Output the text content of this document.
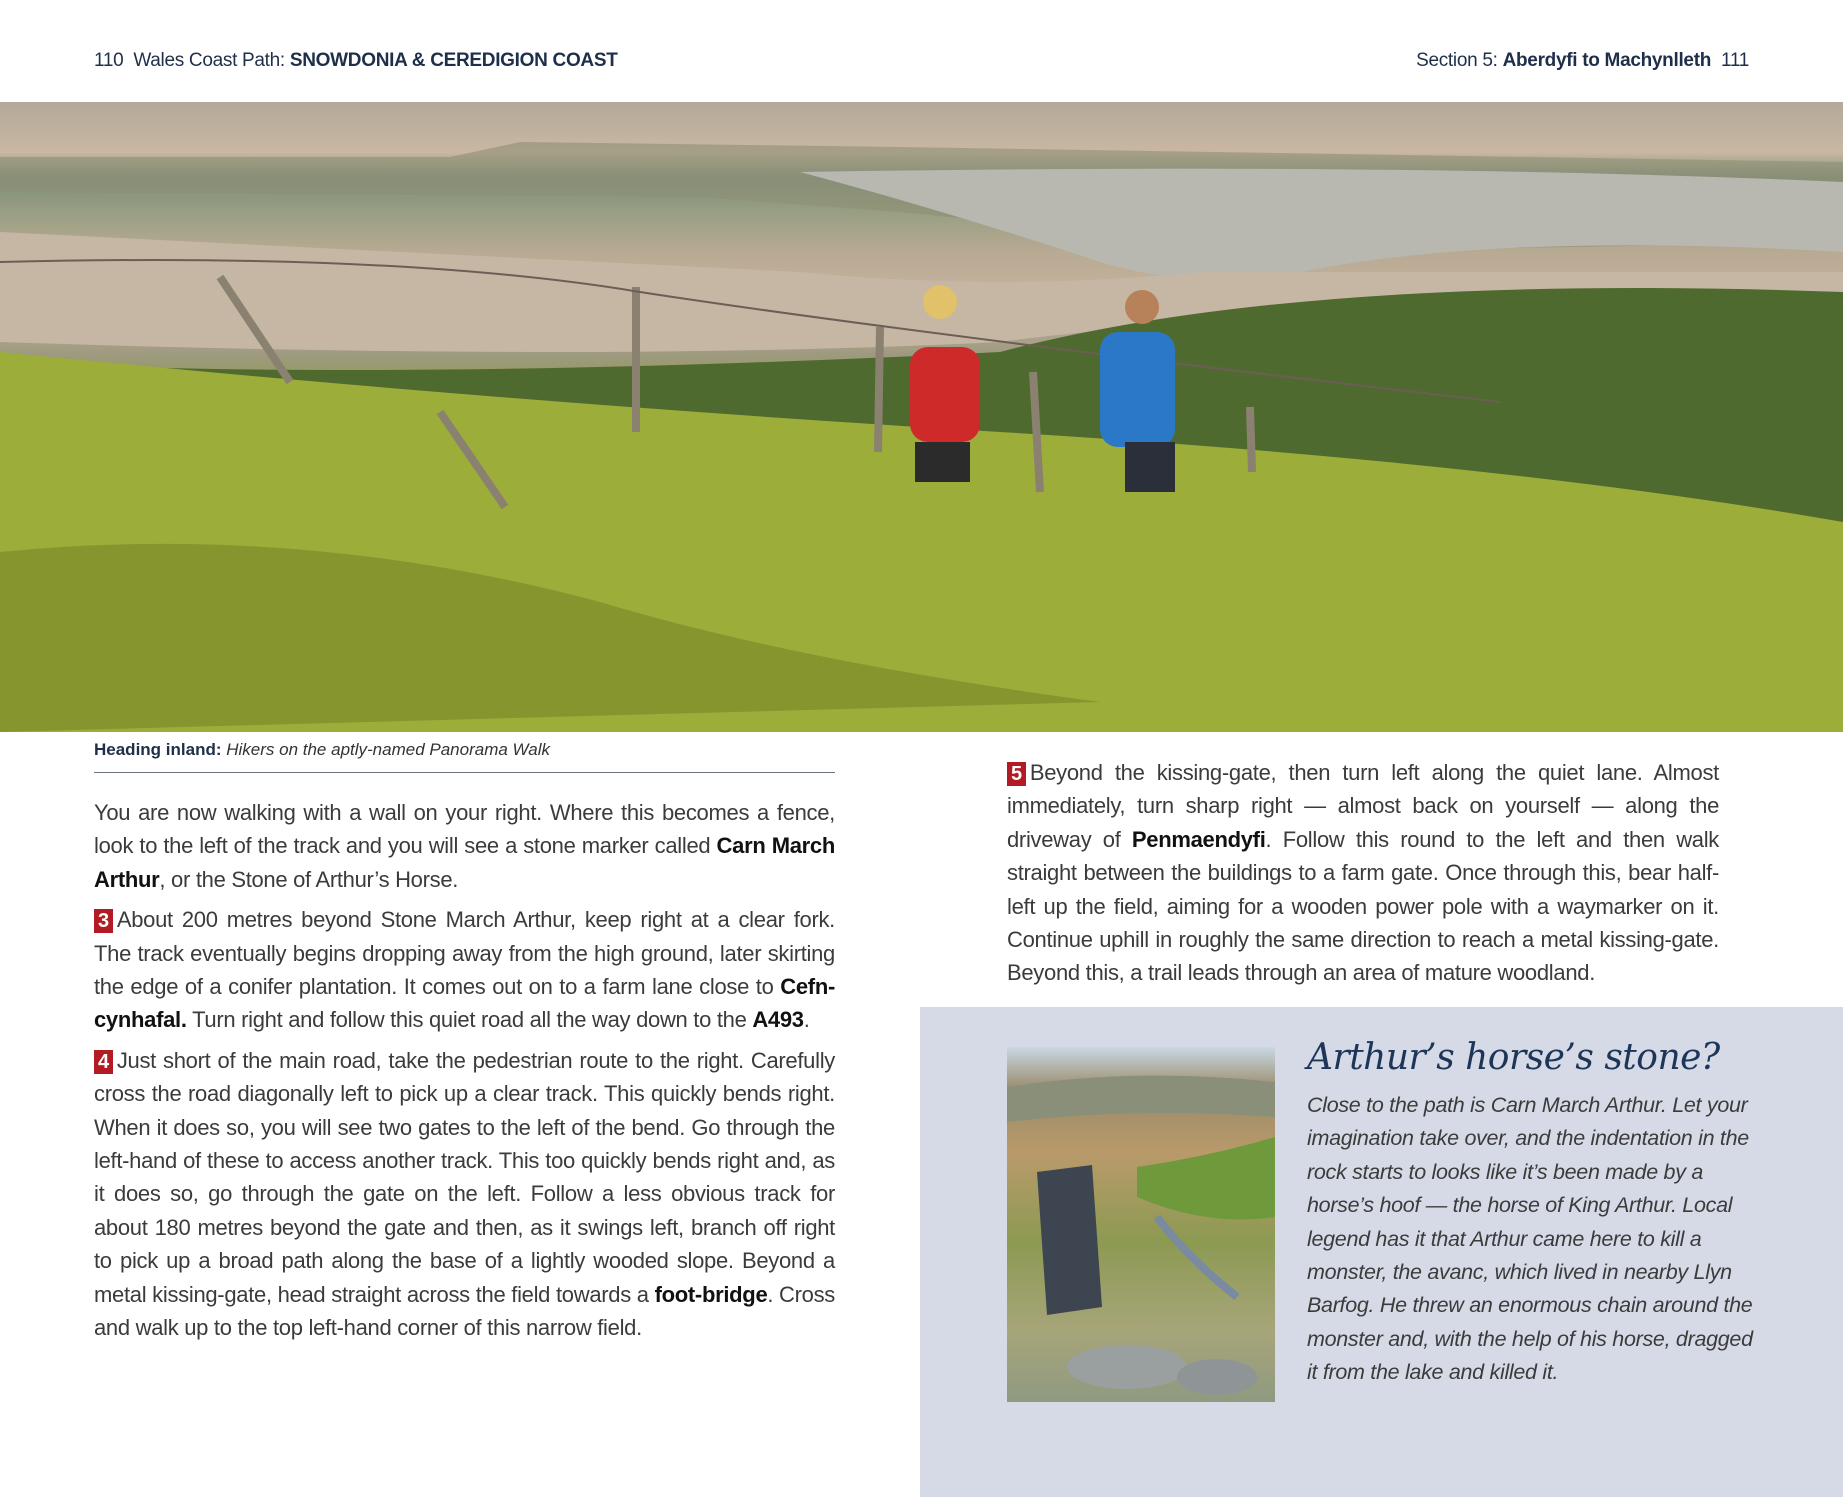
110 Wales Coast Path: SNOWDONIA & CEREDIGION COAST	Section 5: Aberdyfi to Machynlleth 111
Heading inland: Hikers on the aptly-named Panorama Walk

You are now walking with a wall on your right. Where this becomes a fence, look to the left of the track and you will see a stone marker called Carn March Arthur, or the Stone of Arthur’s Horse.

3 About 200 metres beyond Stone March Arthur, keep right at a clear fork. The track eventually begins dropping away from the high ground, later skirting the edge of a conifer plantation. It comes out on to a farm lane close to Cefn-cynhafal. Turn right and follow this quiet road all the way down to the A493.

4 Just short of the main road, take the pedestrian route to the right. Carefully cross the road diagonally left to pick up a clear track. This quickly bends right. When it does so, you will see two gates to the left of the bend. Go through the left-hand of these to access another track. This too quickly bends right and, as it does so, go through the gate on the left. Follow a less obvious track for about 180 metres beyond the gate and then, as it swings left, branch off right to pick up a broad path along the base of a lightly wooded slope. Beyond a metal kissing-gate, head straight across the field towards a foot-bridge. Cross and walk up to the top left-hand corner of this narrow field.

5 Beyond the kissing-gate, then turn left along the quiet lane. Almost immediately, turn sharp right — almost back on yourself — along the driveway of Penmaendyfi. Follow this round to the left and then walk straight between the buildings to a farm gate. Once through this, bear half-left up the field, aiming for a wooden power pole with a waymarker on it. Continue uphill in roughly the same direction to reach a metal kissing-gate. Beyond this, a trail leads through an area of mature woodland.

Arthur’s horse’s stone?
Close to the path is Carn March Arthur. Let your imagination take over, and the indentation in the rock starts to looks like it’s been made by a horse’s hoof — the horse of King Arthur. Local legend has it that Arthur came here to kill a monster, the avanc, which lived in nearby Llyn Barfog. He threw an enormous chain around the monster and, with the help of his horse, dragged it from the lake and killed it.
